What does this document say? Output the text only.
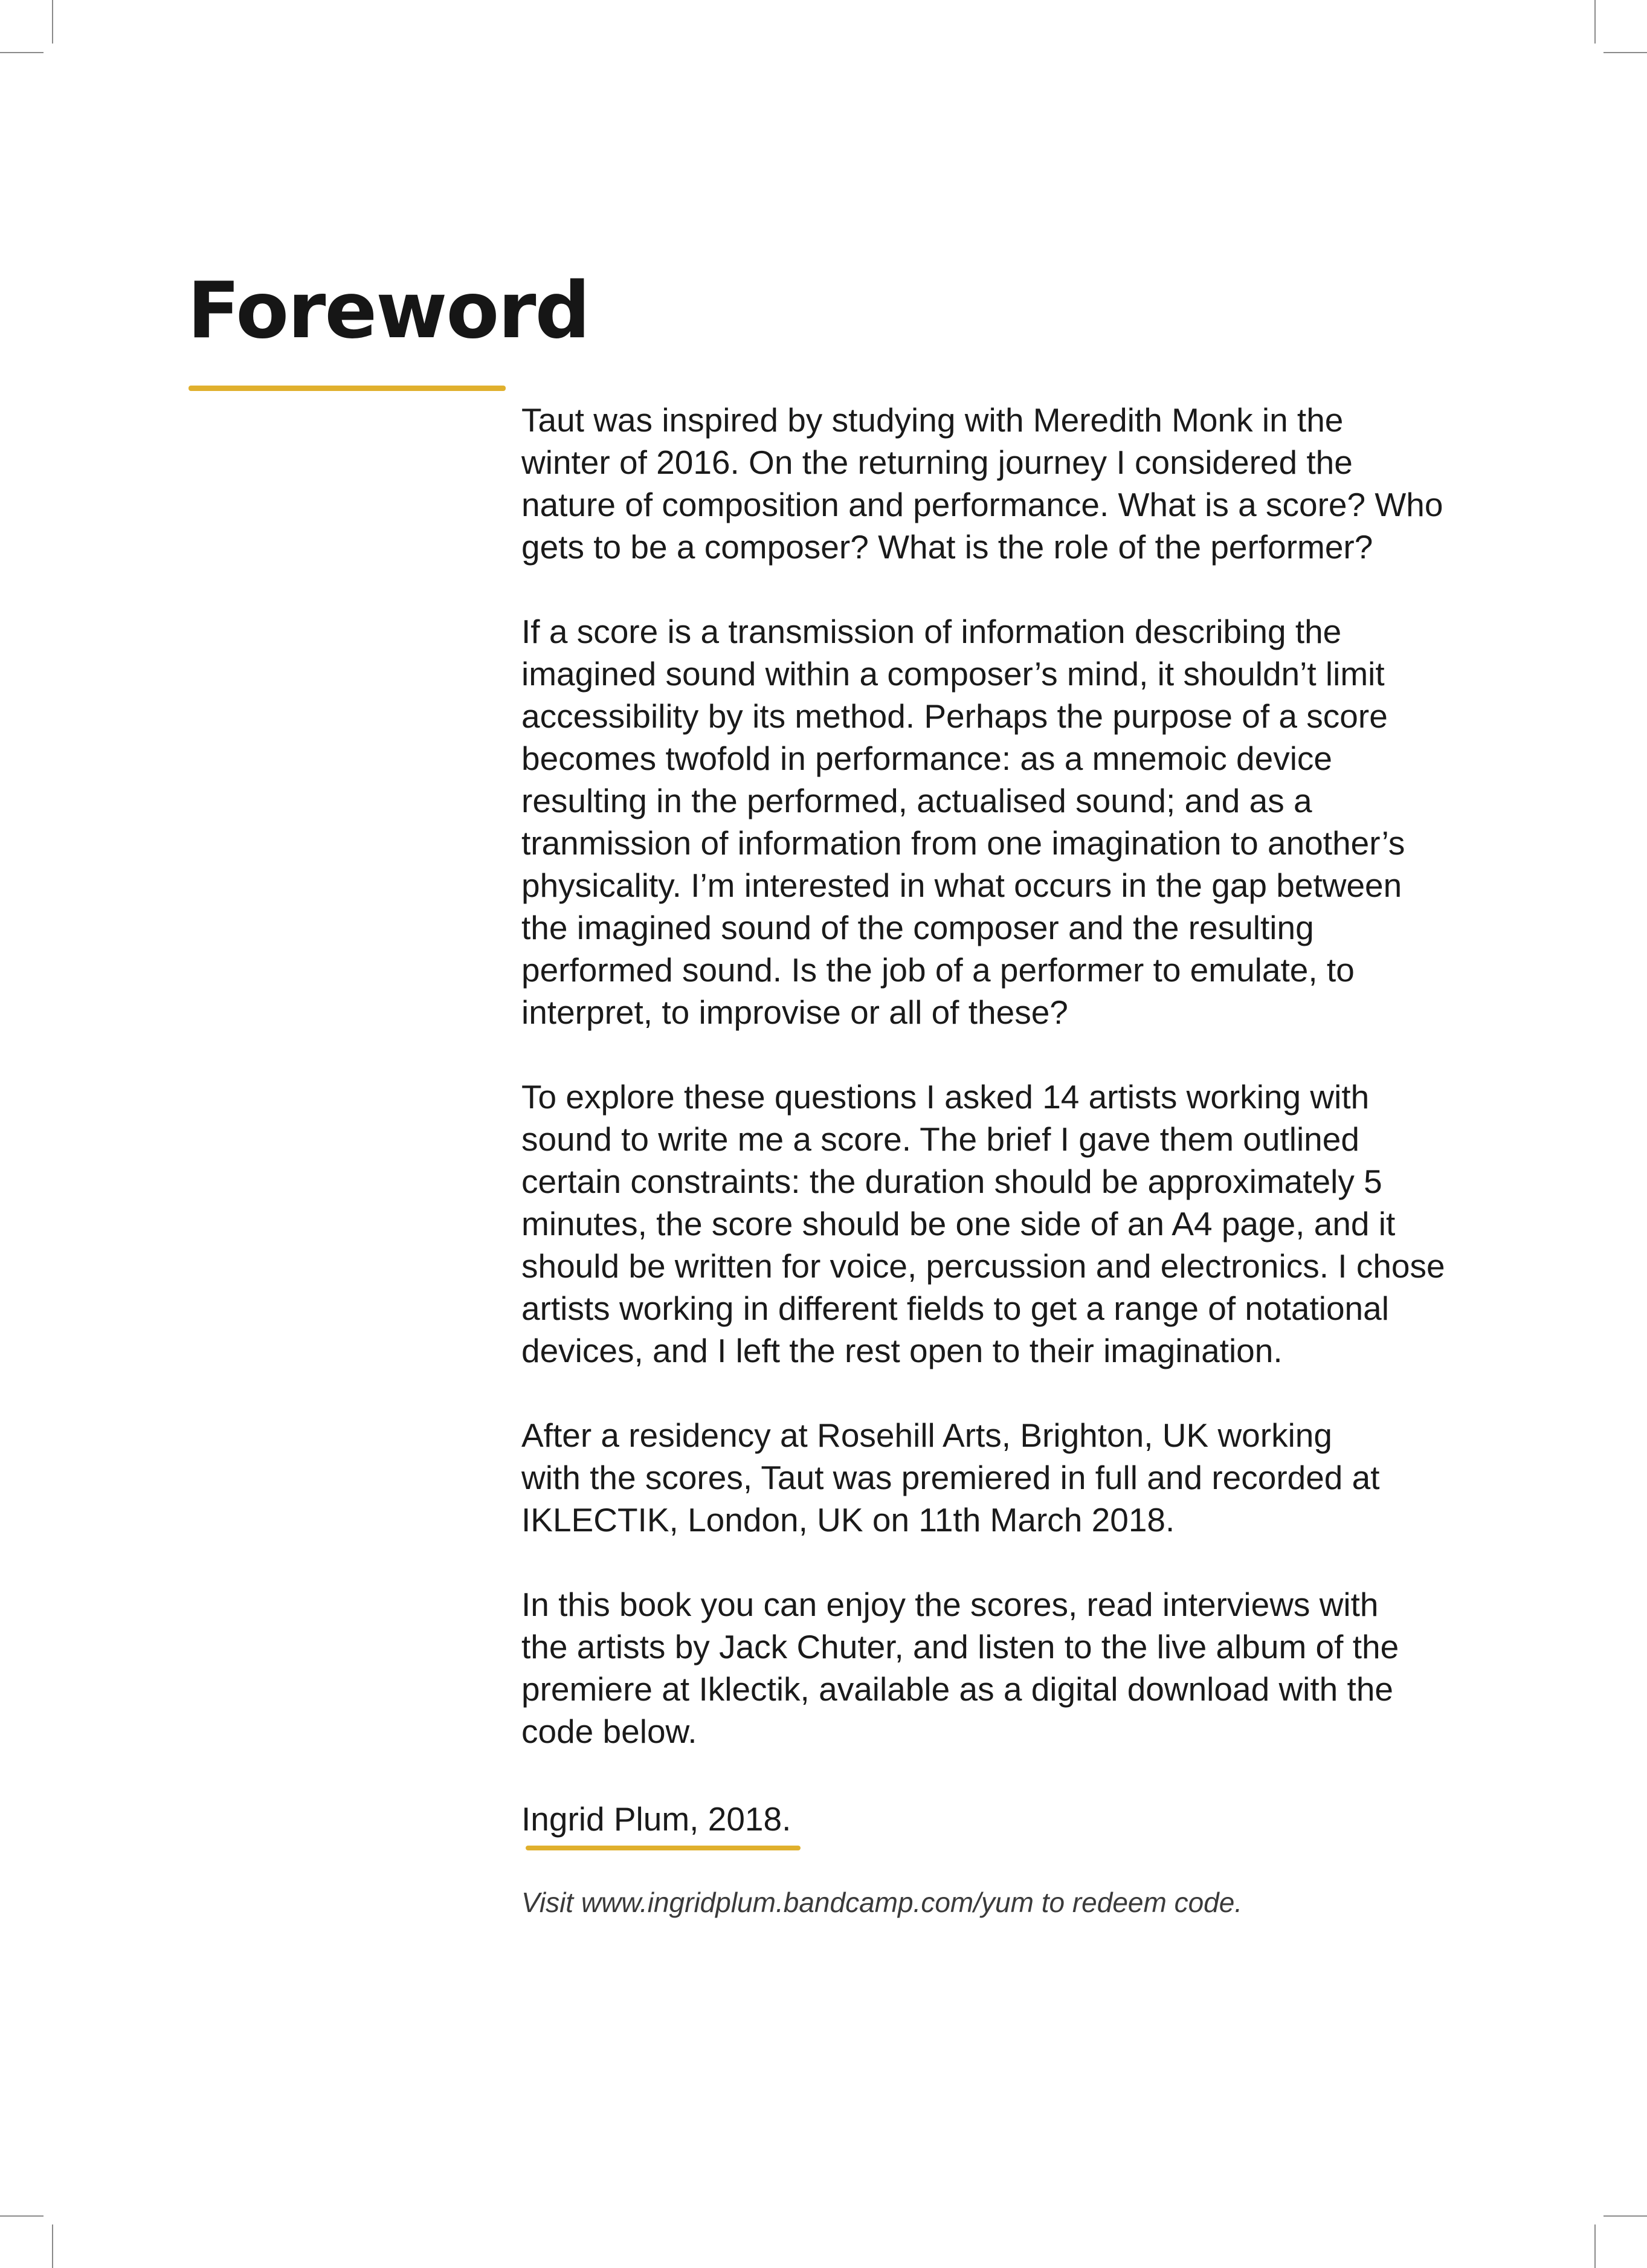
Foreword

Taut was inspired by studying with Meredith Monk in the
winter of 2016. On the returning journey I considered the
nature of composition and performance. What is a score? Who
gets to be a composer? What is the role of the performer?

If a score is a transmission of information describing the
imagined sound within a composer’s mind, it shouldn’t limit
accessibility by its method. Perhaps the purpose of a score
becomes twofold in performance: as a mnemoic device
resulting in the performed, actualised sound; and as a
tranmission of information from one imagination to another’s
physicality. I’m interested in what occurs in the gap between
the imagined sound of the composer and the resulting
performed sound. Is the job of a performer to emulate, to
interpret, to improvise or all of these?

To explore these questions I asked 14 artists working with
sound to write me a score. The brief I gave them outlined
certain constraints: the duration should be approximately 5
minutes, the score should be one side of an A4 page, and it
should be written for voice, percussion and electronics. I chose
artists working in different fields to get a range of notational
devices, and I left the rest open to their imagination.

After a residency at Rosehill Arts, Brighton, UK working
with the scores, Taut was premiered in full and recorded at
IKLECTIK, London, UK on 11th March 2018.

In this book you can enjoy the scores, read interviews with
the artists by Jack Chuter, and listen to the live album of the
premiere at Iklectik, available as a digital download with the
code below.

Ingrid Plum, 2018.

Visit www.ingridplum.bandcamp.com/yum to redeem code.
